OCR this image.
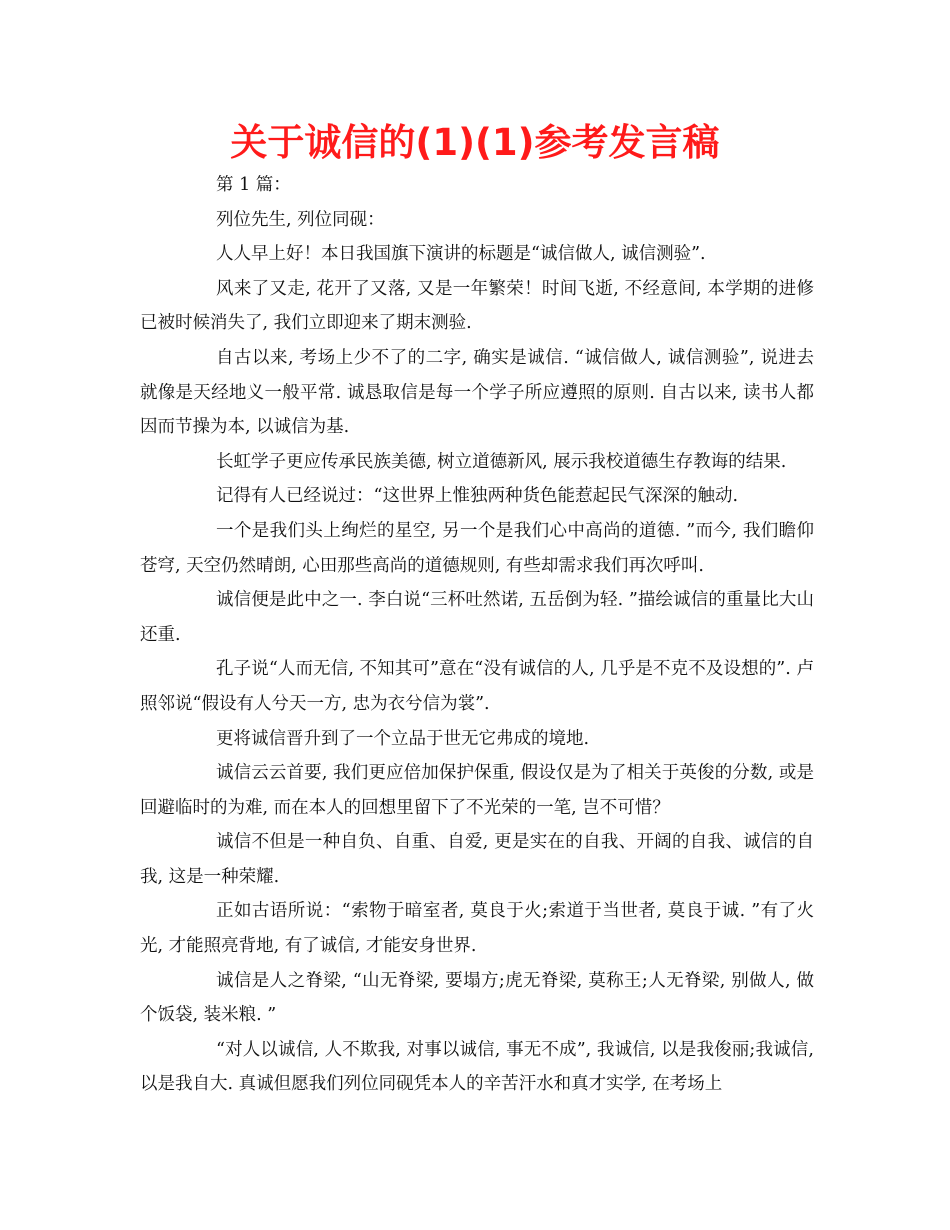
关于诚信的(1)(1)参考发言稿

第 1 篇：

列位先生, 列位同砚：

人人早上好！本日我国旗下演讲的标题是“诚信做人, 诚信测验”.

风来了又走, 花开了又落, 又是一年繁荣！时间飞逝, 不经意间, 本学期的进修已被时候消失了, 我们立即迎来了期末测验.

自古以来, 考场上少不了的二字, 确实是诚信. “诚信做人, 诚信测验”, 说进去就像是天经地义一般平常. 诚恳取信是每一个学子所应遵照的原则. 自古以来, 读书人都因而节操为本, 以诚信为基.

长虹学子更应传承民族美德, 树立道德新风, 展示我校道德生存教诲的结果.

记得有人已经说过：“这世界上惟独两种货色能惹起民气深深的触动.

一个是我们头上绚烂的星空, 另一个是我们心中高尚的道德. ”而今, 我们瞻仰苍穹, 天空仍然晴朗, 心田那些高尚的道德规则, 有些却需求我们再次呼叫.

诚信便是此中之一. 李白说“三杯吐然诺, 五岳倒为轻. ”描绘诚信的重量比大山还重.

孔子说“人而无信, 不知其可”意在“没有诚信的人, 几乎是不克不及设想的”. 卢照邻说“假设有人兮天一方, 忠为衣兮信为裳”.

更将诚信晋升到了一个立品于世无它弗成的境地.

诚信云云首要, 我们更应倍加保护保重, 假设仅是为了相关于英俊的分数, 或是回避临时的为难, 而在本人的回想里留下了不光荣的一笔, 岂不可惜？

诚信不但是一种自负、自重、自爱, 更是实在的自我、开阔的自我、诚信的自我, 这是一种荣耀.

正如古语所说：“索物于暗室者, 莫良于火;索道于当世者, 莫良于诚. ”有了火光, 才能照亮背地, 有了诚信, 才能安身世界.

诚信是人之脊梁, “山无脊梁, 要塌方;虎无脊梁, 莫称王;人无脊梁, 别做人, 做个饭袋, 装米粮. ”

“对人以诚信, 人不欺我, 对事以诚信, 事无不成”, 我诚信, 以是我俊丽;我诚信, 以是我自大. 真诚但愿我们列位同砚凭本人的辛苦汗水和真才实学, 在考场上
